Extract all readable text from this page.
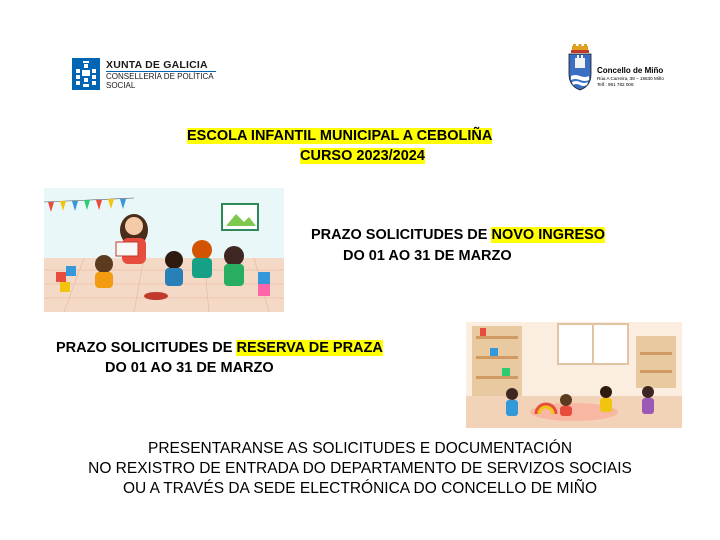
XUNTA DE GALICIA
CONSELLERÍA DE POLÍTICA
SOCIAL
Concello de Miño
Rúa A Carreira, 38 – 15630 Miño
Telf.: 981 782 006
ESCOLA INFANTIL MUNICIPAL A CEBOLIÑA
CURSO 2023/2024
PRAZO SOLICITUDES DE NOVO INGRESO
DO 01 AO 31 DE MARZO
PRAZO SOLICITUDES DE RESERVA DE PRAZA
DO 01 AO 31 DE MARZO
PRESENTARANSE AS SOLICITUDES E DOCUMENTACIÓN
NO REXISTRO DE ENTRADA DO DEPARTAMENTO DE SERVIZOS SOCIAIS
OU A TRAVÉS DA SEDE ELECTRÓNICA DO CONCELLO DE MIÑO
